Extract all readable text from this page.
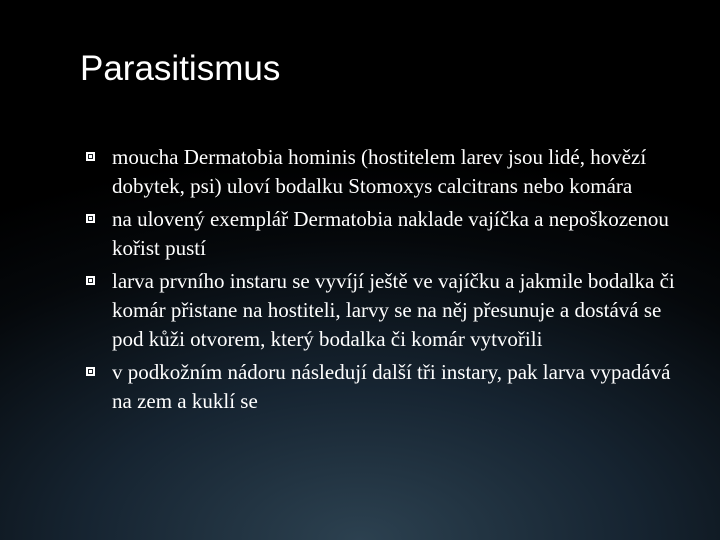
Parasitismus
moucha Dermatobia hominis (hostitelem larev jsou lidé, hovězí dobytek, psi) uloví bodalku Stomoxys calcitrans nebo komára
na ulovený exemplář Dermatobia naklade vajíčka a nepoškozenou kořist pustí
larva prvního instaru se vyvíjí ještě ve vajíčku a jakmile bodalka či komár přistane na hostiteli, larvy se na něj přesunuje a dostává se pod kůži otvorem, který bodalka či komár vytvořili
v podkožním nádoru následují další tři instary, pak larva vypadává na zem a kuklí se
